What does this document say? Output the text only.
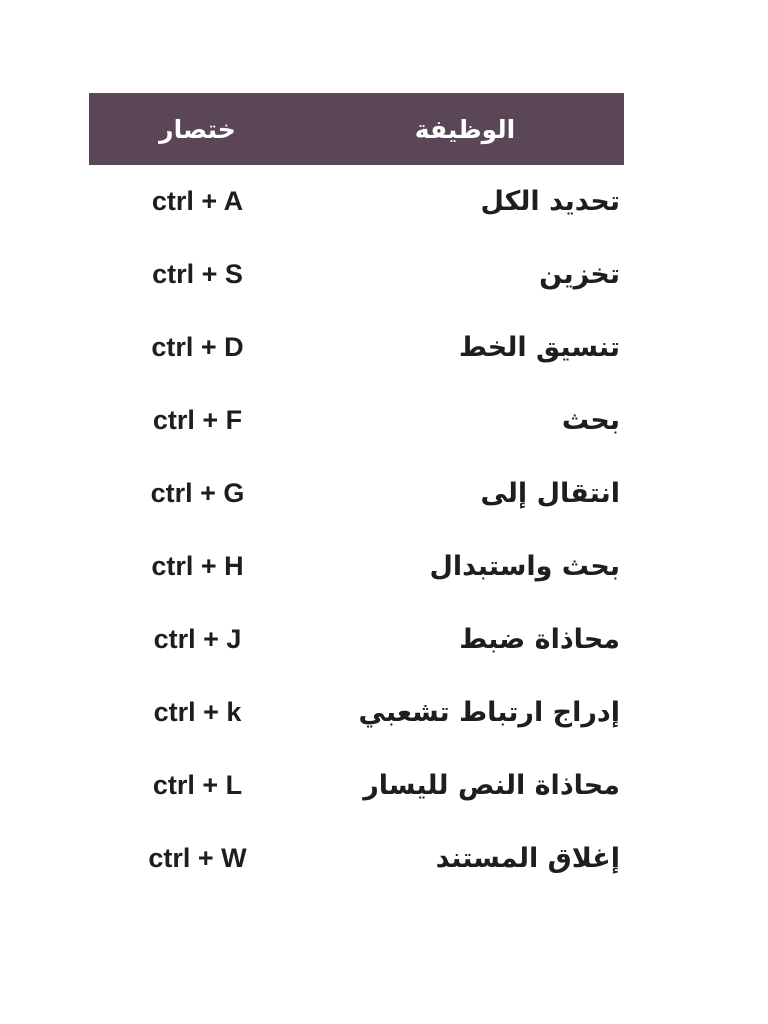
ختصار	الوظيفة
ctrl + A	تحديد الكل
ctrl + S	تخزين
ctrl + D	تنسيق الخط
ctrl + F	بحث
ctrl + G	انتقال إلى
ctrl + H	بحث واستبدال
ctrl + J	محاذاة ضبط
ctrl + k	إدراج ارتباط تشعبي
ctrl + L	محاذاة النص لليسار
ctrl + W	إغلاق المستند
